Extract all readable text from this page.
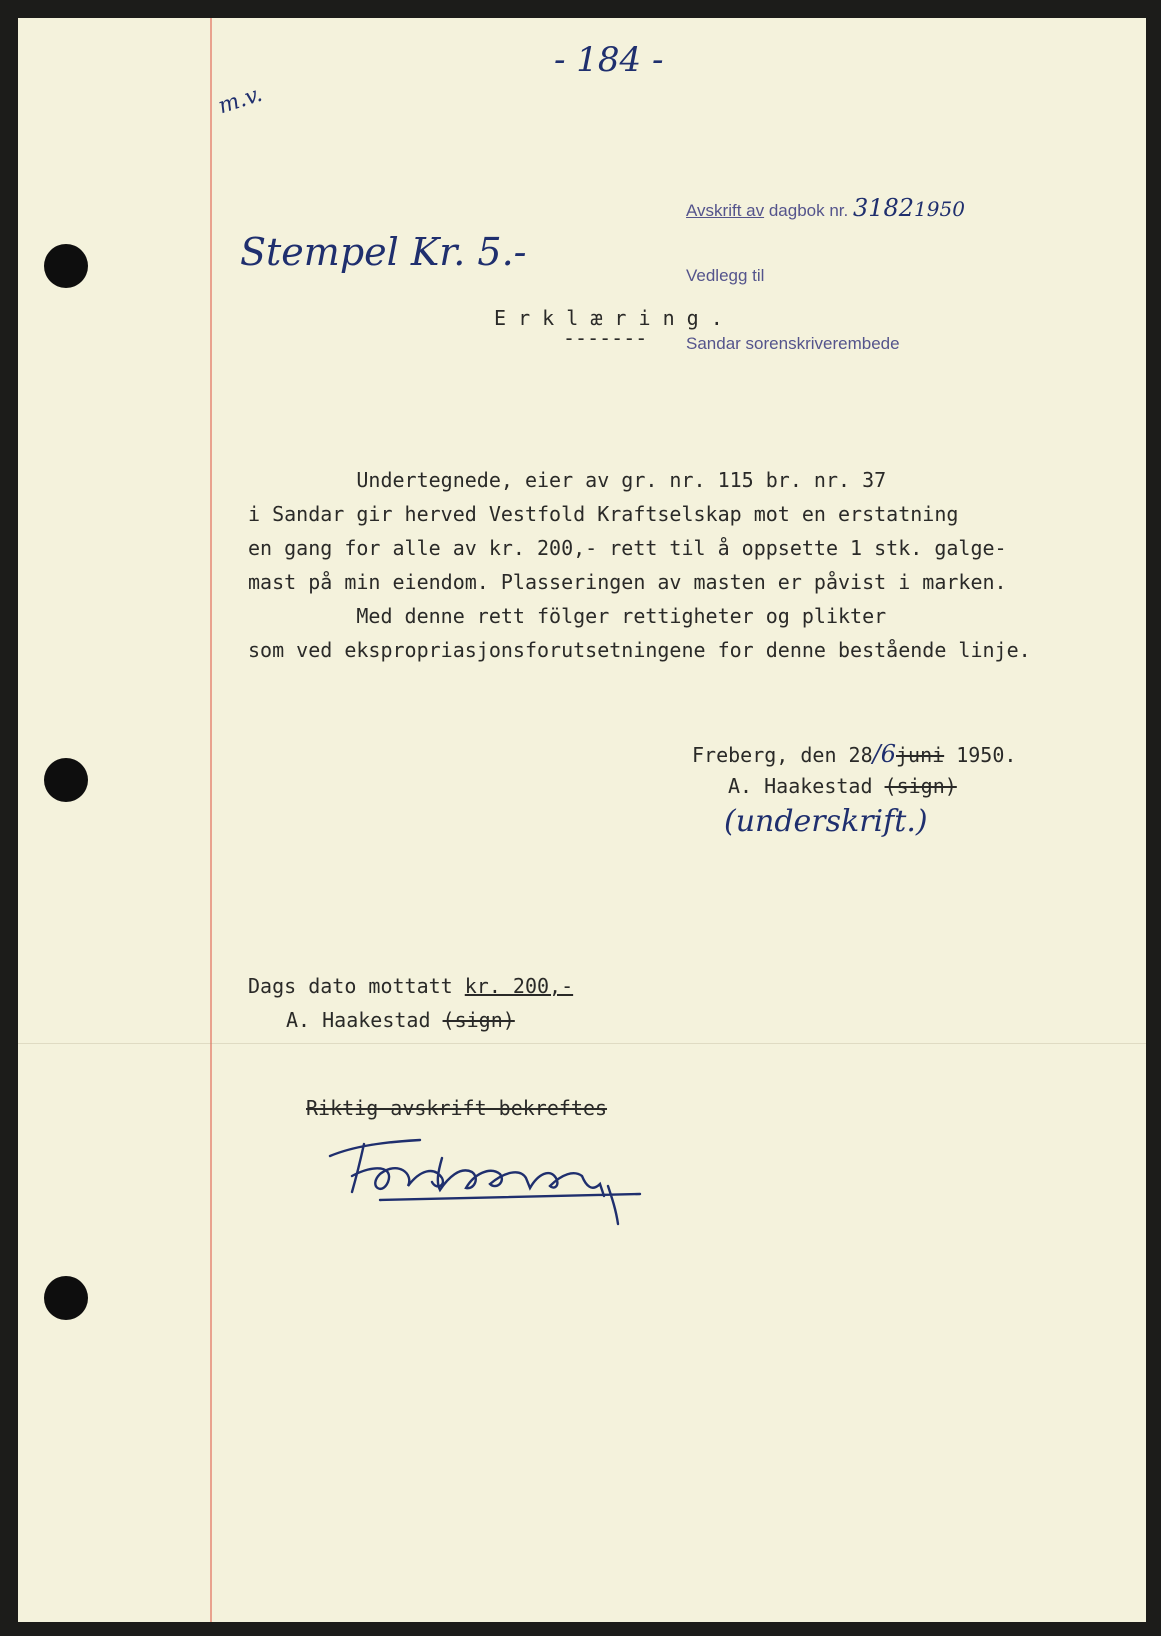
- 184 -
m.v.

Avskrift av dagbok nr. 31821950

Vedlegg til

Sandar sorenskriverembede

Stempel Kr. 5.-
E r k l æ r i n g .
-------

Undertegnede, eier av gr. nr. 115 br. nr. 37

i Sandar gir herved Vestfold Kraftselskap mot en erstatning

en gang for alle av kr. 200,- rett til å oppsette 1 stk. galge-

mast på min eiendom. Plasseringen av masten er påvist i marken.

Med denne rett fölger rettigheter og plikter

som ved ekspropriasjonsforutsetningene for denne bestående linje.

Freberg, den 28/6juni 1950.
A. Haakestad (sign)
(underskrift.)
Dags dato mottatt kr. 200,-
A. Haakestad (sign)
Riktig avskrift bekreftes
